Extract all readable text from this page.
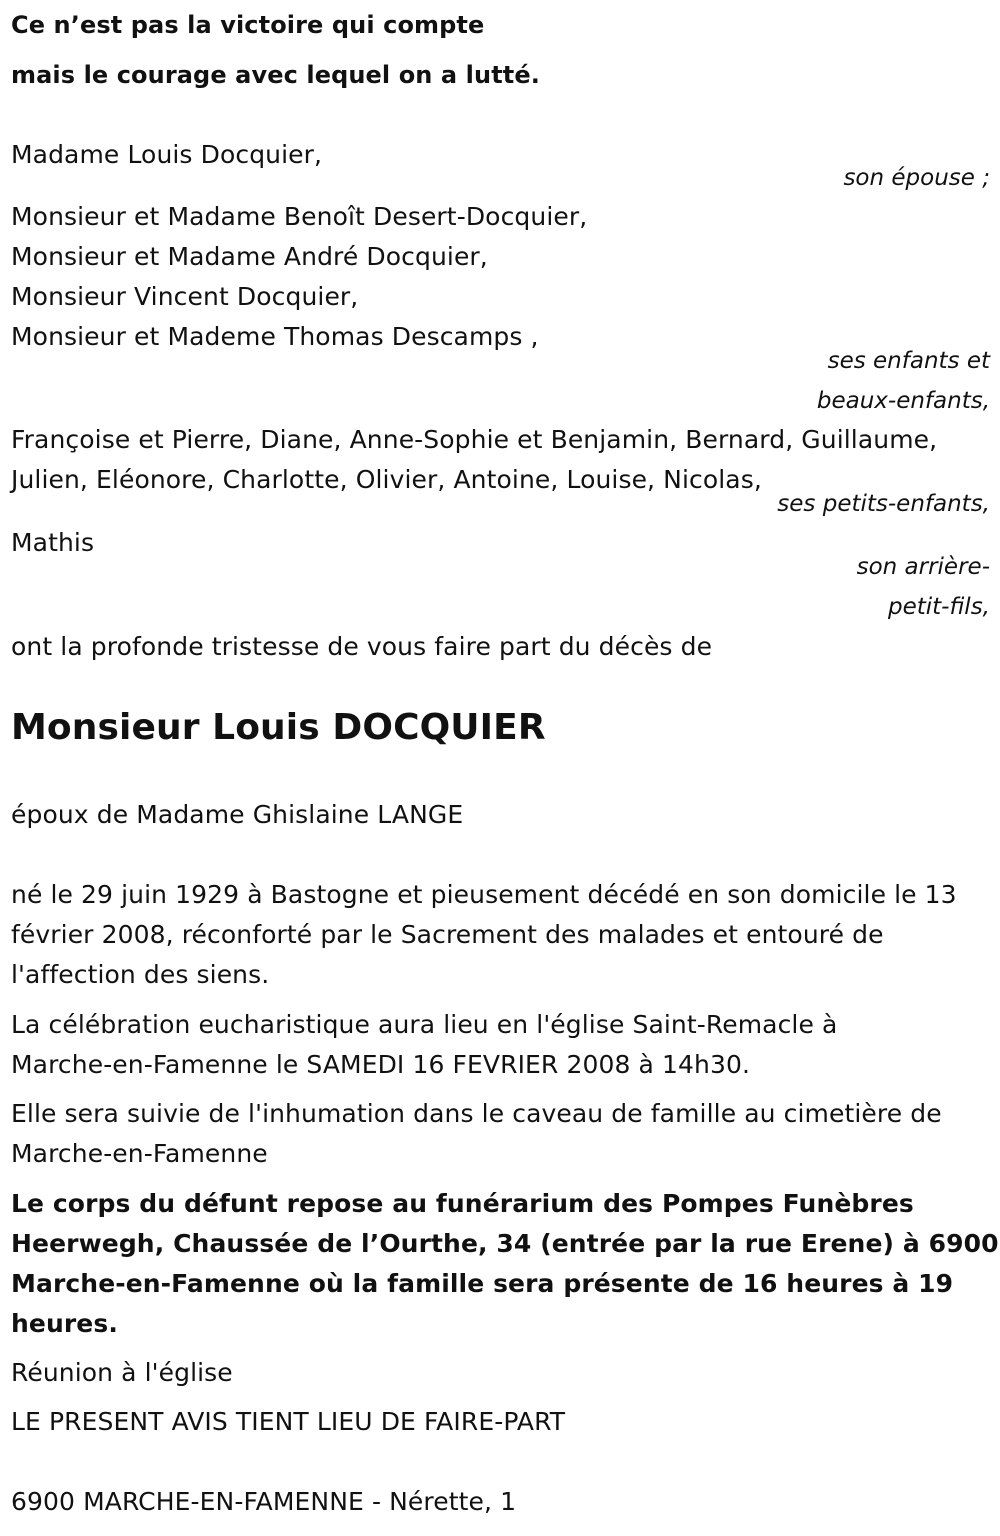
Ce n’est pas la victoire qui compte
mais le courage avec lequel on a lutté.
Madame Louis Docquier,
son épouse ;
Monsieur et Madame Benoît Desert-Docquier,
Monsieur et Madame André Docquier,
Monsieur Vincent Docquier,
Monsieur et Mademe Thomas Descamps ,
ses enfants et
beaux-enfants,
Françoise et Pierre, Diane, Anne-Sophie et Benjamin, Bernard, Guillaume,
Julien, Eléonore, Charlotte, Olivier, Antoine, Louise, Nicolas,
ses petits-enfants,
Mathis
son arrière-
petit-fils,
ont la profonde tristesse de vous faire part du décès de
Monsieur Louis DOCQUIER
époux de Madame Ghislaine LANGE
né le 29 juin 1929 à Bastogne et pieusement décédé en son domicile le 13
février 2008, réconforté par le Sacrement des malades et entouré de
l'affection des siens.
La célébration eucharistique aura lieu en l'église Saint-Remacle à
Marche-en-Famenne le SAMEDI 16 FEVRIER 2008 à 14h30.
Elle sera suivie de l'inhumation dans le caveau de famille au cimetière de
Marche-en-Famenne
Le corps du défunt repose au funérarium des Pompes Funèbres
Heerwegh, Chaussée de l’Ourthe, 34 (entrée par la rue Erene) à 6900
Marche-en-Famenne où la famille sera présente de 16 heures à 19
heures.
Réunion à l'église
LE PRESENT AVIS TIENT LIEU DE FAIRE-PART
6900 MARCHE-EN-FAMENNE - Nérette, 1
